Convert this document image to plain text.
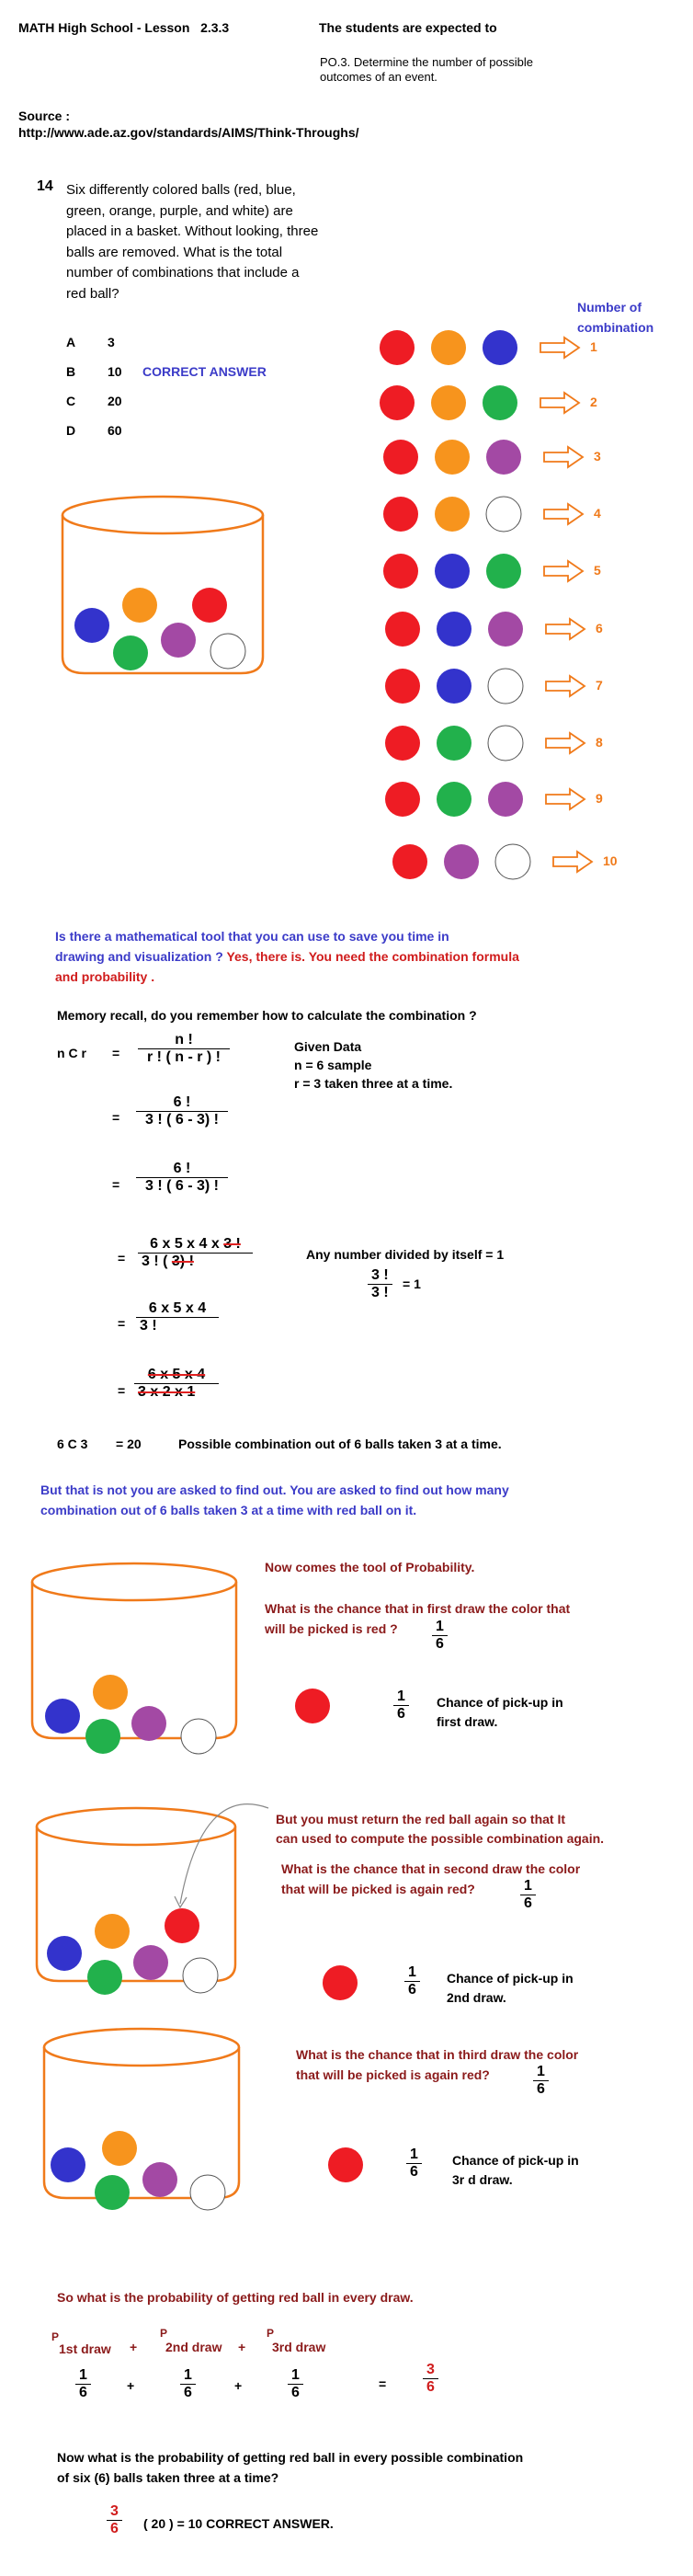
MATH High School - Lesson 2.3.3	The students are expected to
PO.3. Determine the number of possible
outcomes of an event.
Source :
http://www.ade.az.gov/standards/AIMS/Think-Throughs/
14 Six differently colored balls (red, blue,
green, orange, purple, and white) are
placed in a basket. Without looking, three
balls are removed. What is the total
number of combinations that include a
red ball?
A 3
B 10 CORRECT ANSWER
C 20
D 60
Number of
combination
1
2
3
4
5
6
7
8
9
10
Is there a mathematical tool that you can use to save you time in
drawing and visualization ? Yes, there is. You need the combination formula
and probability .
Memory recall, do you remember how to calculate the combination ?
n C $r = \frac{n !}{r ! ( n - r ) !}$	Given Data
n = 6 sample
r = 3 taken three at a time.
= $\frac{6 !}{3 ! ( 6 - 3) !}$
= $\frac{6 !}{3 ! ( 6 - 3) !}$
= $\frac{6 x 5 x 4 x 3 !}{3 ! ( 3) !}$	Any number divided by itself = 1
$\frac{3 !}{3 !} = 1$
= $\frac{6 x 5 x 4}{3 !}$
= $\frac{6 x 5 x 4}{3 x 2 x 1}$
6 C 3 = 20	Possible combination out of 6 balls taken 3 at a time.
But that is not you are asked to find out. You are asked to find out how many
combination out of 6 balls taken 3 at a time with red ball on it.
Now comes the tool of Probability.
What is the chance that in first draw the color that
will be picked is red ? $\frac{1}{6}$
$\frac{1}{6}$ Chance of pick-up in
first draw.
But you must return the red ball again so that It
can used to compute the possible combination again.
What is the chance that in second draw the color
that will be picked is again red?	$\frac{1}{6}$
$\frac{1}{6}$ Chance of pick-up in
2nd draw.
What is the chance that in third draw the color
that will be picked is again red?	$\frac{1}{6}$
$\frac{1}{6}$ Chance of pick-up in
3r d draw.
So what is the probability of getting red ball in every draw.
P
1st draw +
P
2nd draw +
P
3rd draw
$\frac{1}{6}$	+	$\frac{1}{6}$	+	$\frac{1}{6}$	= $\frac{3}{6}$
Now what is the probability of getting red ball in every possible combination
of six (6) balls taken three at a time?
$\frac{3}{6}$ ( 20 ) = 10 CORRECT ANSWER.
